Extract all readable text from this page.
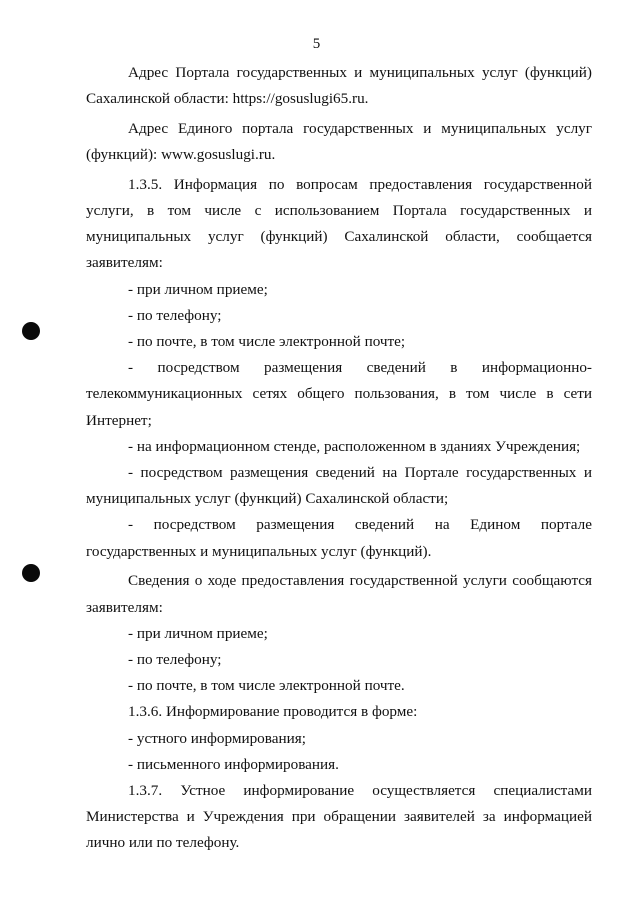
5

Адрес Портала государственных и муниципальных услуг (функций) Сахалинской области: https://gosuslugi65.ru.

Адрес Единого портала государственных и муниципальных услуг (функций): www.gosuslugi.ru.

1.3.5. Информация по вопросам предоставления государственной услуги, в том числе с использованием Портала государственных и муниципальных услуг (функций) Сахалинской области, сообщается заявителям:

- при личном приеме;

- по телефону;

- по почте, в том числе электронной почте;

- посредством размещения сведений в информационно-телекоммуникационных сетях общего пользования, в том числе в сети Интернет;

- на информационном стенде, расположенном в зданиях Учреждения;

- посредством размещения сведений на Портале государственных и муниципальных услуг (функций) Сахалинской области;

- посредством размещения сведений на Едином портале государственных и муниципальных услуг (функций).

Сведения о ходе предоставления государственной услуги сообщаются заявителям:

- при личном приеме;

- по телефону;

- по почте, в том числе электронной почте.

1.3.6. Информирование проводится в форме:

- устного информирования;

- письменного информирования.

1.3.7. Устное информирование осуществляется специалистами Министерства и Учреждения при обращении заявителей за информацией лично или по телефону.
